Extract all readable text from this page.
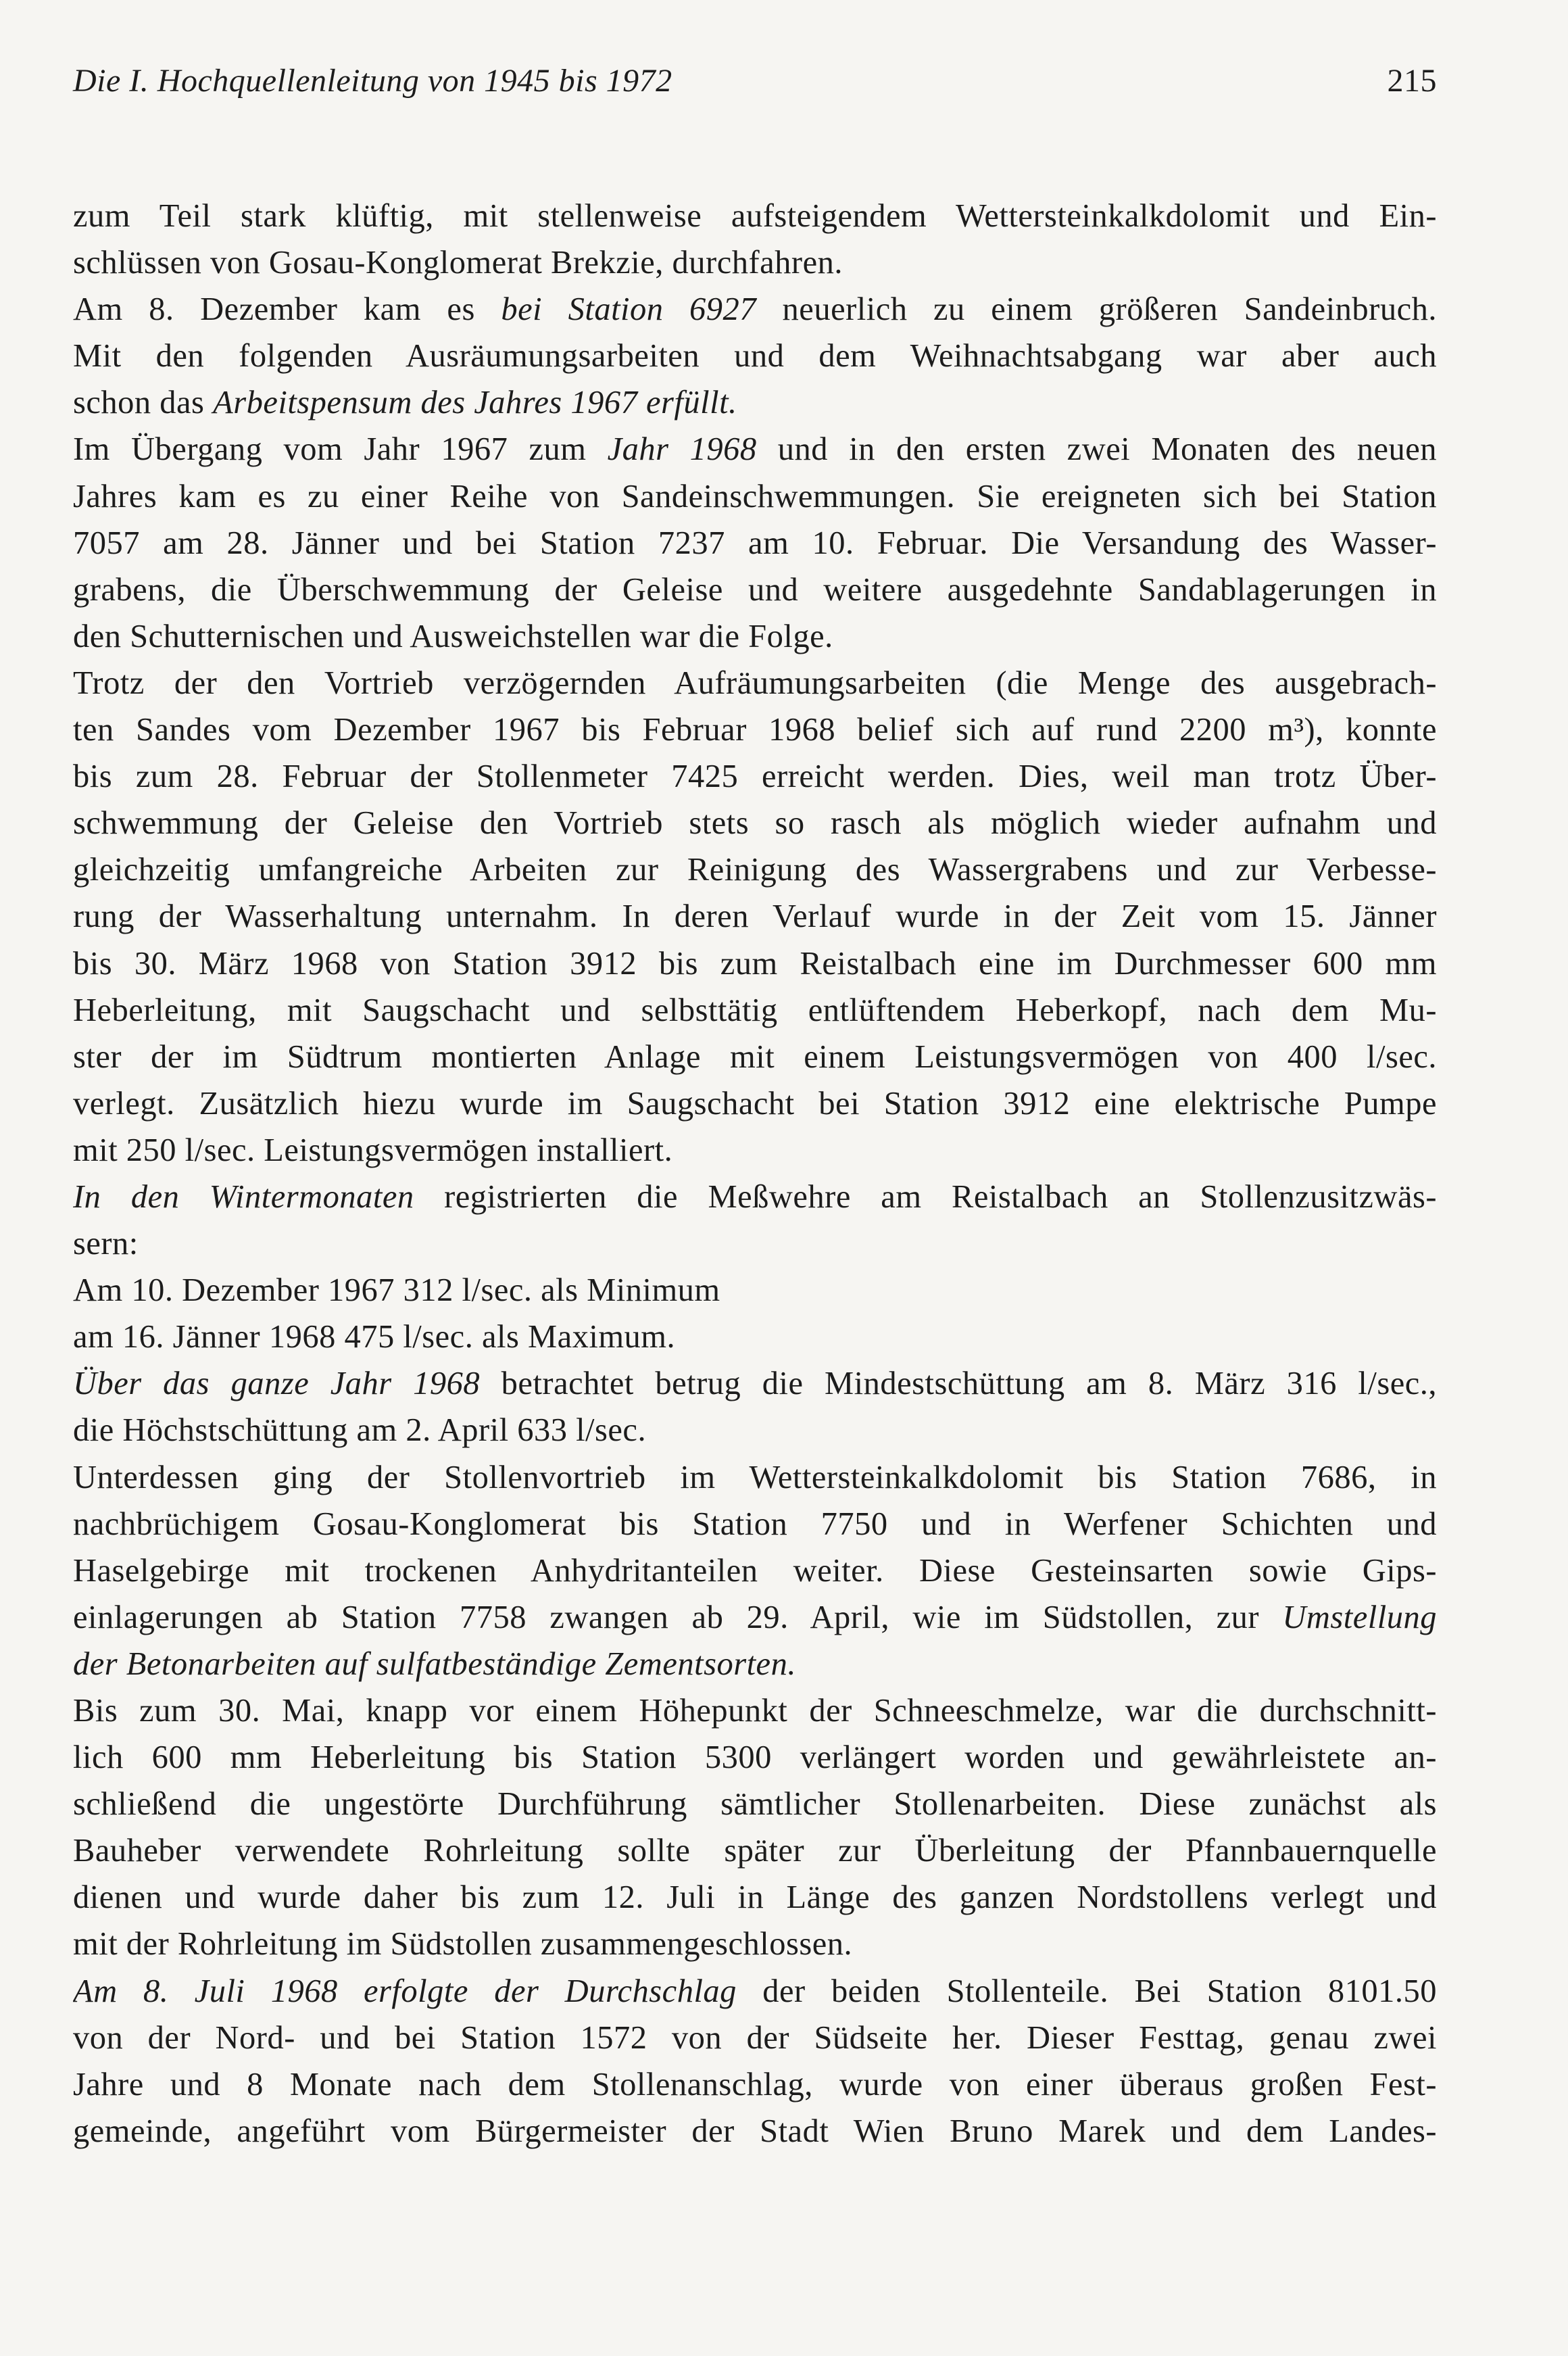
Die I. Hochquellenleitung von 1945 bis 1972	215
zum Teil stark klüftig, mit stellenweise aufsteigendem Wettersteinkalkdolomit und Ein-
schlüssen von Gosau-Konglomerat Brekzie, durchfahren.
Am 8. Dezember kam es bei Station 6927 neuerlich zu einem größeren Sandeinbruch.
Mit den folgenden Ausräumungsarbeiten und dem Weihnachtsabgang war aber auch
schon das Arbeitspensum des Jahres 1967 erfüllt.
Im Übergang vom Jahr 1967 zum Jahr 1968 und in den ersten zwei Monaten des neuen
Jahres kam es zu einer Reihe von Sandeinschwemmungen. Sie ereigneten sich bei Station
7057 am 28. Jänner und bei Station 7237 am 10. Februar. Die Versandung des Wasser-
grabens, die Überschwemmung der Geleise und weitere ausgedehnte Sandablagerungen in
den Schutternischen und Ausweichstellen war die Folge.
Trotz der den Vortrieb verzögernden Aufräumungsarbeiten (die Menge des ausgebrach-
ten Sandes vom Dezember 1967 bis Februar 1968 belief sich auf rund 2200 m³), konnte
bis zum 28. Februar der Stollenmeter 7425 erreicht werden. Dies, weil man trotz Über-
schwemmung der Geleise den Vortrieb stets so rasch als möglich wieder aufnahm und
gleichzeitig umfangreiche Arbeiten zur Reinigung des Wassergrabens und zur Verbesse-
rung der Wasserhaltung unternahm. In deren Verlauf wurde in der Zeit vom 15. Jänner
bis 30. März 1968 von Station 3912 bis zum Reistalbach eine im Durchmesser 600 mm
Heberleitung, mit Saugschacht und selbsttätig entlüftendem Heberkopf, nach dem Mu-
ster der im Südtrum montierten Anlage mit einem Leistungsvermögen von 400 l/sec.
verlegt. Zusätzlich hiezu wurde im Saugschacht bei Station 3912 eine elektrische Pumpe
mit 250 l/sec. Leistungsvermögen installiert.
In den Wintermonaten registrierten die Meßwehre am Reistalbach an Stollenzusitzwäs-
sern:
Am 10. Dezember 1967 312 l/sec. als Minimum
am 16. Jänner 1968 475 l/sec. als Maximum.
Über das ganze Jahr 1968 betrachtet betrug die Mindestschüttung am 8. März 316 l/sec.,
die Höchstschüttung am 2. April 633 l/sec.
Unterdessen ging der Stollenvortrieb im Wettersteinkalkdolomit bis Station 7686, in
nachbrüchigem Gosau-Konglomerat bis Station 7750 und in Werfener Schichten und
Haselgebirge mit trockenen Anhydritanteilen weiter. Diese Gesteinsarten sowie Gips-
einlagerungen ab Station 7758 zwangen ab 29. April, wie im Südstollen, zur Umstellung
der Betonarbeiten auf sulfatbeständige Zementsorten.
Bis zum 30. Mai, knapp vor einem Höhepunkt der Schneeschmelze, war die durchschnitt-
lich 600 mm Heberleitung bis Station 5300 verlängert worden und gewährleistete an-
schließend die ungestörte Durchführung sämtlicher Stollenarbeiten. Diese zunächst als
Bauheber verwendete Rohrleitung sollte später zur Überleitung der Pfannbauernquelle
dienen und wurde daher bis zum 12. Juli in Länge des ganzen Nordstollens verlegt und
mit der Rohrleitung im Südstollen zusammengeschlossen.
Am 8. Juli 1968 erfolgte der Durchschlag der beiden Stollenteile. Bei Station 8101.50
von der Nord- und bei Station 1572 von der Südseite her. Dieser Festtag, genau zwei
Jahre und 8 Monate nach dem Stollenanschlag, wurde von einer überaus großen Fest-
gemeinde, angeführt vom Bürgermeister der Stadt Wien Bruno Marek und dem Landes-
